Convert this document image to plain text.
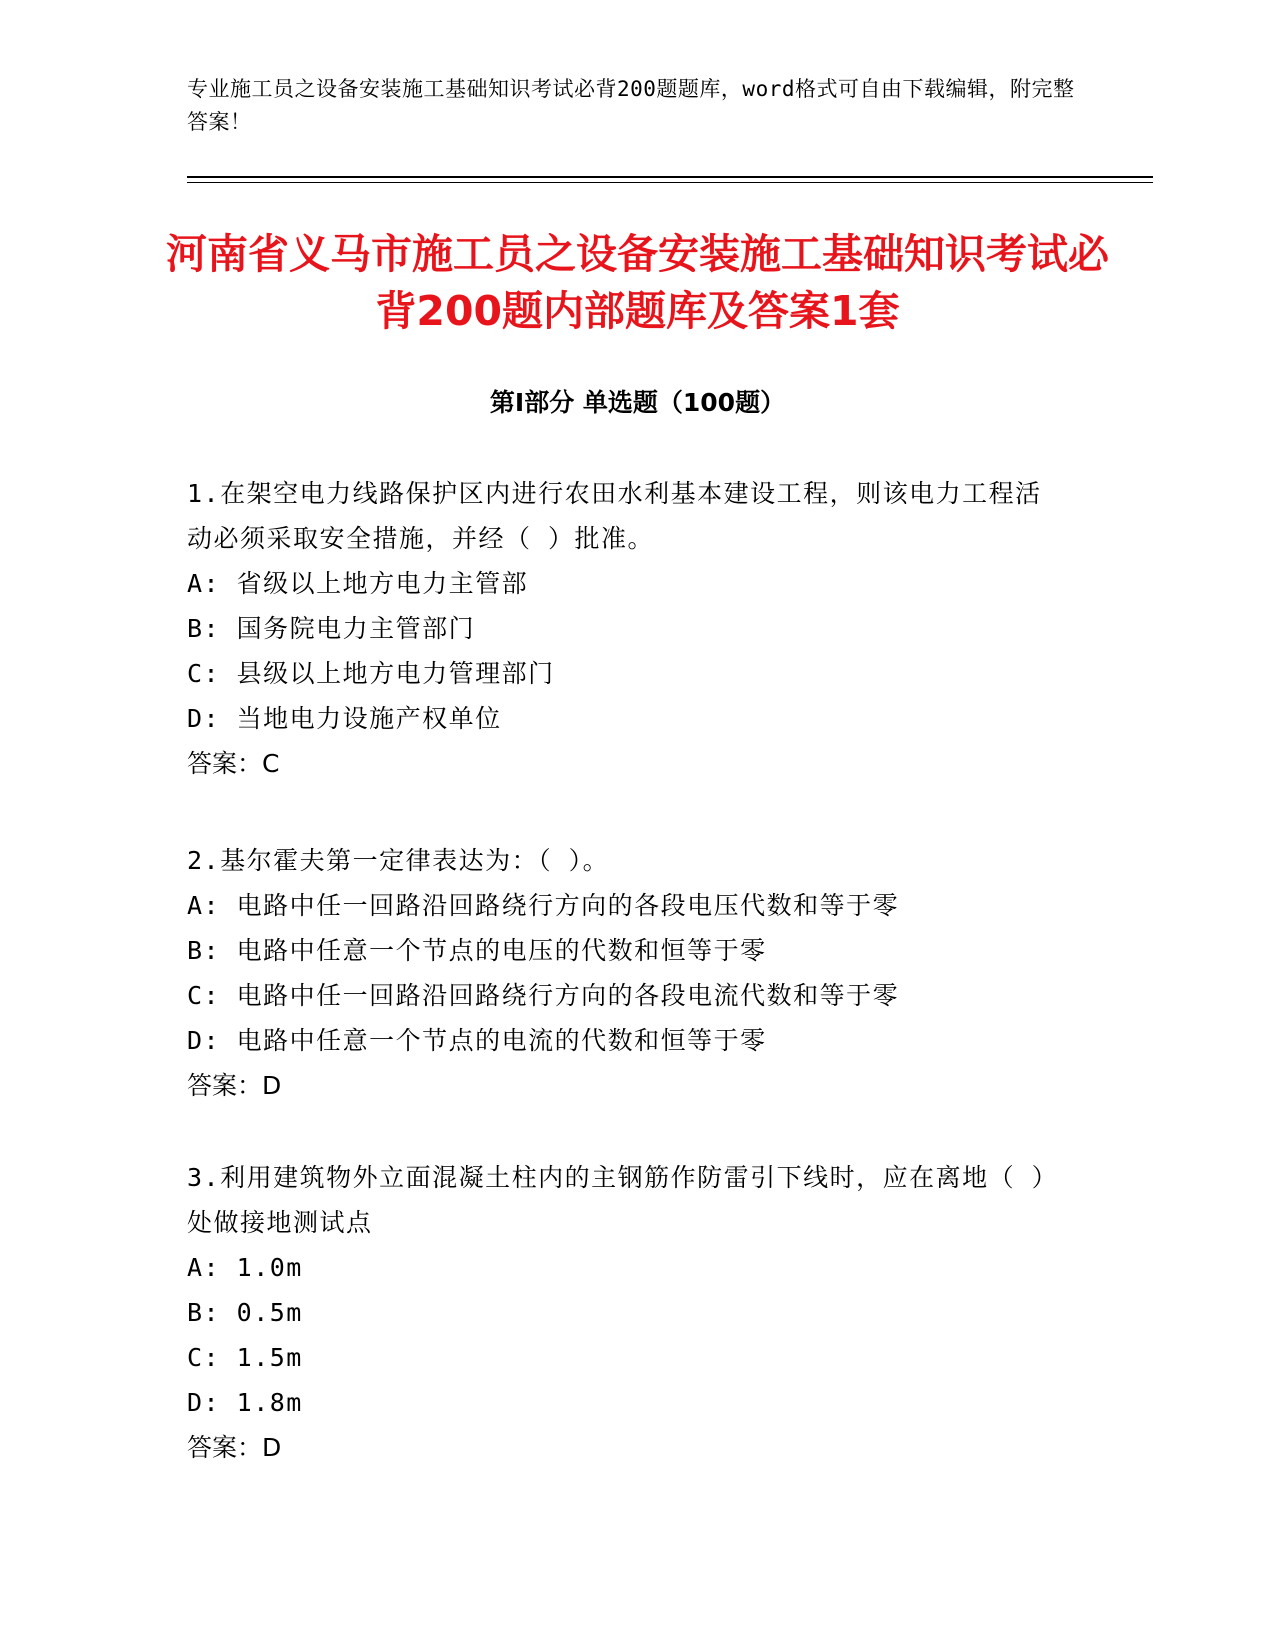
专业施工员之设备安装施工基础知识考试必背200题题库，word格式可自由下载编辑，附完整答案！
河南省义马市施工员之设备安装施工基础知识考试必背200题内部题库及答案1套
第I部分 单选题（100题）
1.在架空电力线路保护区内进行农田水利基本建设工程，则该电力工程活动必须采取安全措施，并经（ ）批准。
A: 省级以上地方电力主管部
B: 国务院电力主管部门
C: 县级以上地方电力管理部门
D: 当地电力设施产权单位
答案：C
2.基尔霍夫第一定律表达为：（ ）。
A: 电路中任一回路沿回路绕行方向的各段电压代数和等于零
B: 电路中任意一个节点的电压的代数和恒等于零
C: 电路中任一回路沿回路绕行方向的各段电流代数和等于零
D: 电路中任意一个节点的电流的代数和恒等于零
答案：D
3.利用建筑物外立面混凝土柱内的主钢筋作防雷引下线时，应在离地（ ）处做接地测试点
A: 1.0m
B: 0.5m
C: 1.5m
D: 1.8m
答案：D
